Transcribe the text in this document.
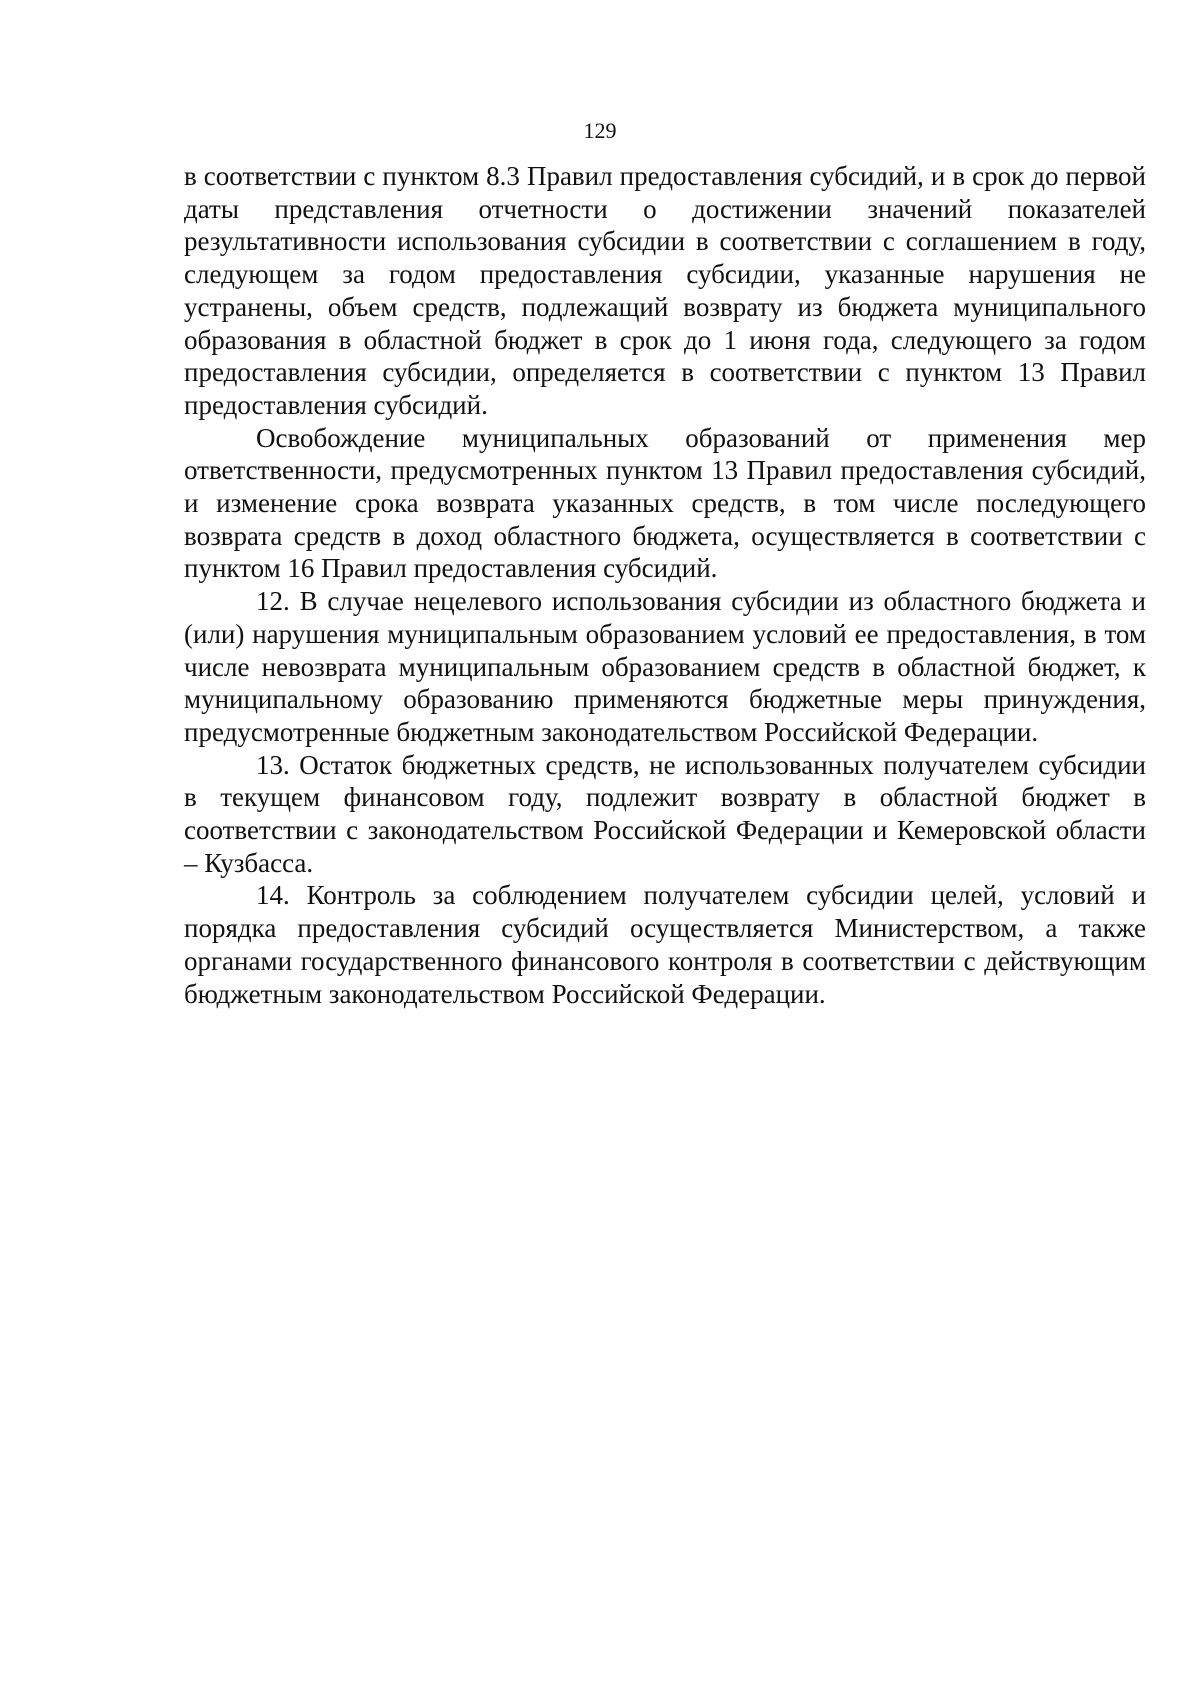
129

в соответствии с пунктом 8.3 Правил предоставления субсидий, и в срок до первой даты представления отчетности о достижении значений показателей результативности использования субсидии в соответствии с соглашением в году, следующем за годом предоставления субсидии, указанные нарушения не устранены, объем средств, подлежащий возврату из бюджета муниципального образования в областной бюджет в срок до 1 июня года, следующего за годом предоставления субсидии, определяется в соответствии с пунктом 13 Правил предоставления субсидий.

Освобождение муниципальных образований от применения мер ответственности, предусмотренных пунктом 13 Правил предоставления субсидий, и изменение срока возврата указанных средств, в том числе последующего возврата средств в доход областного бюджета, осуществляется в соответствии с пунктом 16 Правил предоставления субсидий.

12. В случае нецелевого использования субсидии из областного бюджета и (или) нарушения муниципальным образованием условий ее предоставления, в том числе невозврата муниципальным образованием средств в областной бюджет, к муниципальному образованию применяются бюджетные меры принуждения, предусмотренные бюджетным законодательством Российской Федерации.

13. Остаток бюджетных средств, не использованных получателем субсидии в текущем финансовом году, подлежит возврату в областной бюджет в соответствии с законодательством Российской Федерации и Кемеровской области – Кузбасса.

14. Контроль за соблюдением получателем субсидии целей, условий и порядка предоставления субсидий осуществляется Министерством, а также органами государственного финансового контроля в соответствии с действующим бюджетным законодательством Российской Федерации.
